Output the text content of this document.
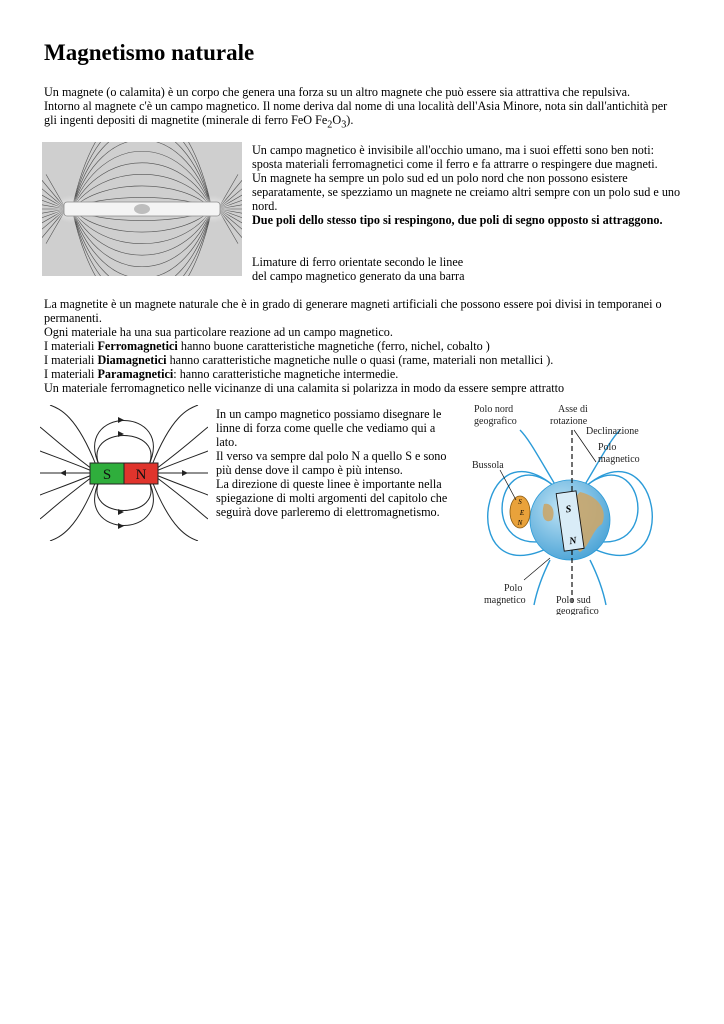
Magnetismo naturale

Un magnete (o calamita) è un corpo che genera una forza su un altro magnete che può essere sia attrattiva che repulsiva.
Intorno al magnete c'è un campo magnetico. Il nome deriva dal nome di una località dell'Asia Minore, nota sin dall'antichità per
gli ingenti depositi di magnetite (minerale di ferro FeO $Fe_2O_3$).

Un campo magnetico è invisibile all'occhio umano, ma i suoi effetti sono ben noti:
sposta materiali ferromagnetici come il ferro e fa attrarre o respingere due magneti.
Un magnete ha sempre un polo sud ed un polo nord che non possono esistere separatamente, se spezziamo un magnete ne creiamo altri sempre con un polo sud e uno nord.
Due poli dello stesso tipo si respingono, due poli di segno opposto si attraggono.

Limature di ferro orientate secondo le linee
del campo magnetico generato da una barra

La magnetite è un magnete naturale che è in grado di generare magneti artificiali che possono essere poi divisi in temporanei o permanenti.
Ogni materiale ha una sua particolare reazione ad un campo magnetico.
I materiali Ferromagnetici hanno buone caratteristiche magnetiche (ferro, nichel, cobalto )
I materiali Diamagnetici hanno caratteristiche magnetiche nulle o quasi (rame, materiali non metallici ).
I materiali Paramagnetici: hanno caratteristiche magnetiche intermedie.
Un materiale ferromagnetico nelle vicinanze di una calamita si polarizza in modo da essere sempre attratto

S N

In un campo magnetico possiamo disegnare le linne di forza come quelle che vediamo qui a lato.
Il verso va sempre dal polo N a quello S e sono più dense dove il campo è più intenso.
La direzione di queste linee è importante nella spiegazione di molti argomenti del capitolo che seguirà dove parleremo di elettromagnetismo.	S
N
S
E
N
Polo nord
geografico
Asse di
rotazione
Declinazione
Polo
magnetico
Bussola
Polo
magnetico	Polo sud
geografico
